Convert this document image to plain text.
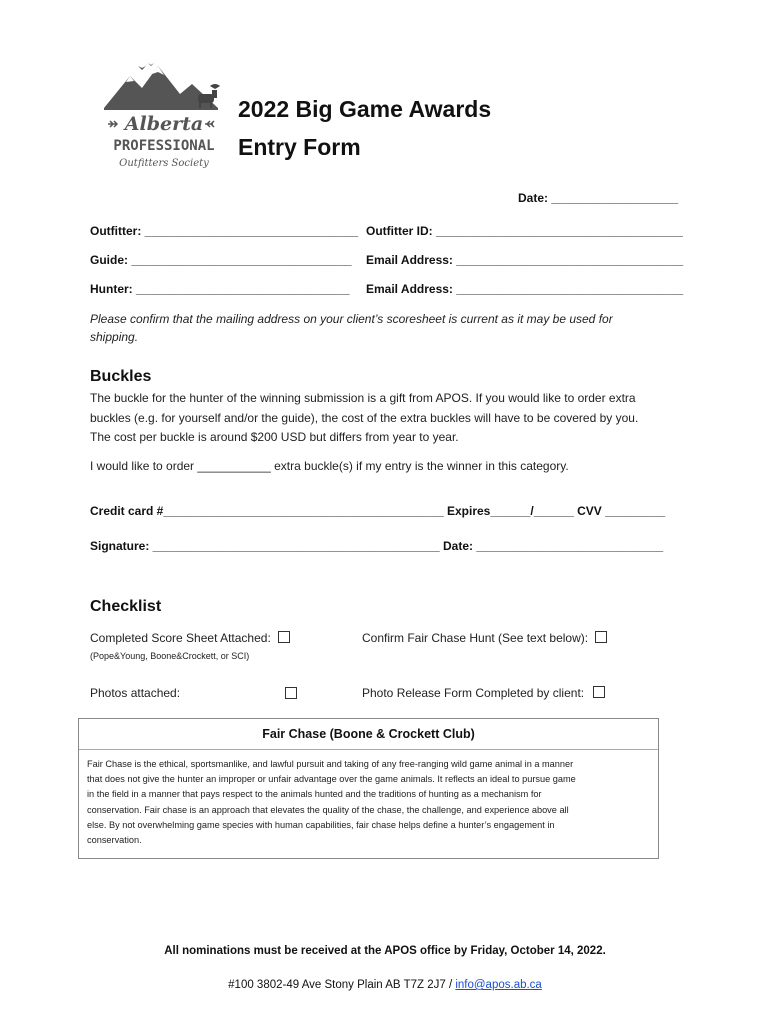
Alberta
PROFESSIONAL
Outfitters Society
2022 Big Game Awards
Entry Form
Date: ___________________
Outfitter: ________________________________ Outfitter ID: _____________________________________
Guide: _________________________________ Email Address: __________________________________
Hunter: ________________________________ Email Address: __________________________________
Please confirm that the mailing address on your client’s scoresheet is current as it may be used for
shipping.
Buckles
The buckle for the hunter of the winning submission is a gift from APOS. If you would like to order extra
buckles (e.g. for yourself and/or the guide), the cost of the extra buckles will have to be covered by you.
The cost per buckle is around $200 USD but differs from year to year.
I would like to order ___________ extra buckle(s) if my entry is the winner in this category.
Credit card #__________________________________________ Expires______/______ CVV _________
Signature: ___________________________________________ Date: ____________________________
Checklist
Completed Score Sheet Attached:
(Pope&Young, Boone&Crockett, or SCI)
Confirm Fair Chase Hunt (See text below):
Photos attached:	Photo Release Form Completed by client:
Fair Chase (Boone & Crockett Club)
Fair Chase is the ethical, sportsmanlike, and lawful pursuit and taking of any free-ranging wild game animal in a manner
that does not give the hunter an improper or unfair advantage over the game animals. It reflects an ideal to pursue game
in the field in a manner that pays respect to the animals hunted and the traditions of hunting as a mechanism for
conservation. Fair chase is an approach that elevates the quality of the chase, the challenge, and experience above all
else. By not overwhelming game species with human capabilities, fair chase helps define a hunter’s engagement in
conservation.
All nominations must be received at the APOS office by Friday, October 14, 2022.
#100 3802-49 Ave Stony Plain AB T7Z 2J7 / info@apos.ab.ca
